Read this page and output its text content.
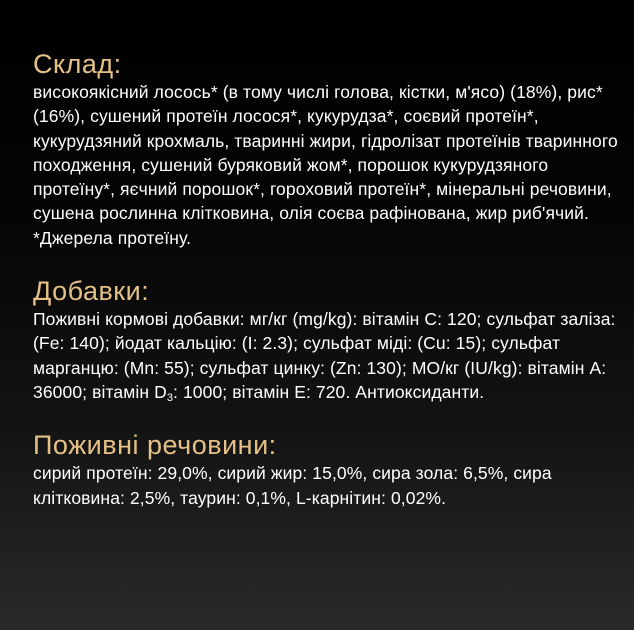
Склад:

високоякісний лосось* (в тому числі голова, кістки, м'ясо) (18%), рис* (16%), сушений протеїн лосося*, кукурудза*, соєвий протеїн*, кукурудзяний крохмаль, тваринні жири, гідролізат протеїнів тваринного походження, сушений буряковий жом*, порошок кукурудзяного протеїну*, яєчний порошок*, гороховий протеїн*, мінеральні речовини, сушена рослинна клітковина, олія соєва рафінована, жир риб'ячий.
*Джерела протеїну.

Добавки:

Поживні кормові добавки: мг/кг (mg/kg): вітамін С: 120; сульфат заліза: (Fe: 140); йодат кальцію: (I: 2.3); сульфат міді: (Cu: 15); сульфат марганцю: (Mn: 55); сульфат цинку: (Zn: 130); МО/кг (IU/kg): вітамін А: 36000; вітамін $D_3$: 1000; вітамін Е: 720. Антиоксиданти.

Поживні речовини:

сирий протеїн: 29,0%, сирий жир: 15,0%, сира зола: 6,5%, сира клітковина: 2,5%, таурин: 0,1%, L-карнітин: 0,02%.
